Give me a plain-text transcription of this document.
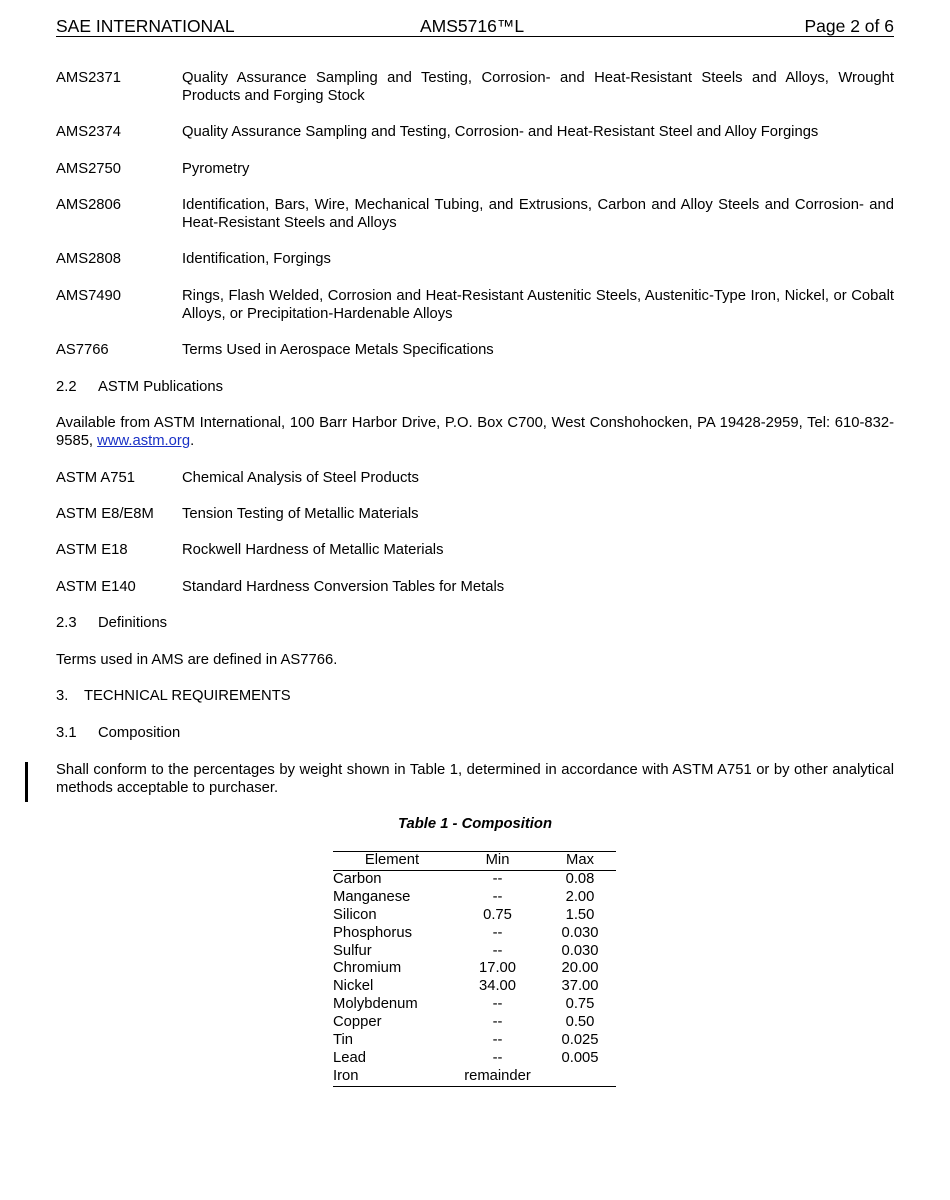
SAE INTERNATIONAL	AMS5716™L	Page 2 of 6
AMS2371	Quality Assurance Sampling and Testing, Corrosion- and Heat-Resistant Steels and Alloys, Wrought Products and Forging Stock
AMS2374	Quality Assurance Sampling and Testing, Corrosion- and Heat-Resistant Steel and Alloy Forgings
AMS2750	Pyrometry
AMS2806	Identification, Bars, Wire, Mechanical Tubing, and Extrusions, Carbon and Alloy Steels and Corrosion- and Heat-Resistant Steels and Alloys
AMS2808	Identification, Forgings
AMS7490	Rings, Flash Welded, Corrosion and Heat-Resistant Austenitic Steels, Austenitic-Type Iron, Nickel, or Cobalt Alloys, or Precipitation-Hardenable Alloys
AS7766	Terms Used in Aerospace Metals Specifications
2.2 ASTM Publications
Available from ASTM International, 100 Barr Harbor Drive, P.O. Box C700, West Conshohocken, PA 19428-2959, Tel: 610-832-9585, www.astm.org.
ASTM A751	Chemical Analysis of Steel Products
ASTM E8/E8M Tension Testing of Metallic Materials
ASTM E18	Rockwell Hardness of Metallic Materials
ASTM E140	Standard Hardness Conversion Tables for Metals
2.3 Definitions
Terms used in AMS are defined in AS7766.
3. TECHNICAL REQUIREMENTS
3.1 Composition
Shall conform to the percentages by weight shown in Table 1, determined in accordance with ASTM A751 or by other analytical methods acceptable to purchaser.
Table 1 - Composition
Element	Min	Max
Carbon	--	0.08
Manganese	--	2.00
Silicon	0.75	1.50
Phosphorus	--	0.030
Sulfur	--	0.030
Chromium	17.00	20.00
Nickel	34.00	37.00
Molybdenum	--	0.75
Copper	--	0.50
Tin	--	0.025
Lead	--	0.005
Iron	remainder	
